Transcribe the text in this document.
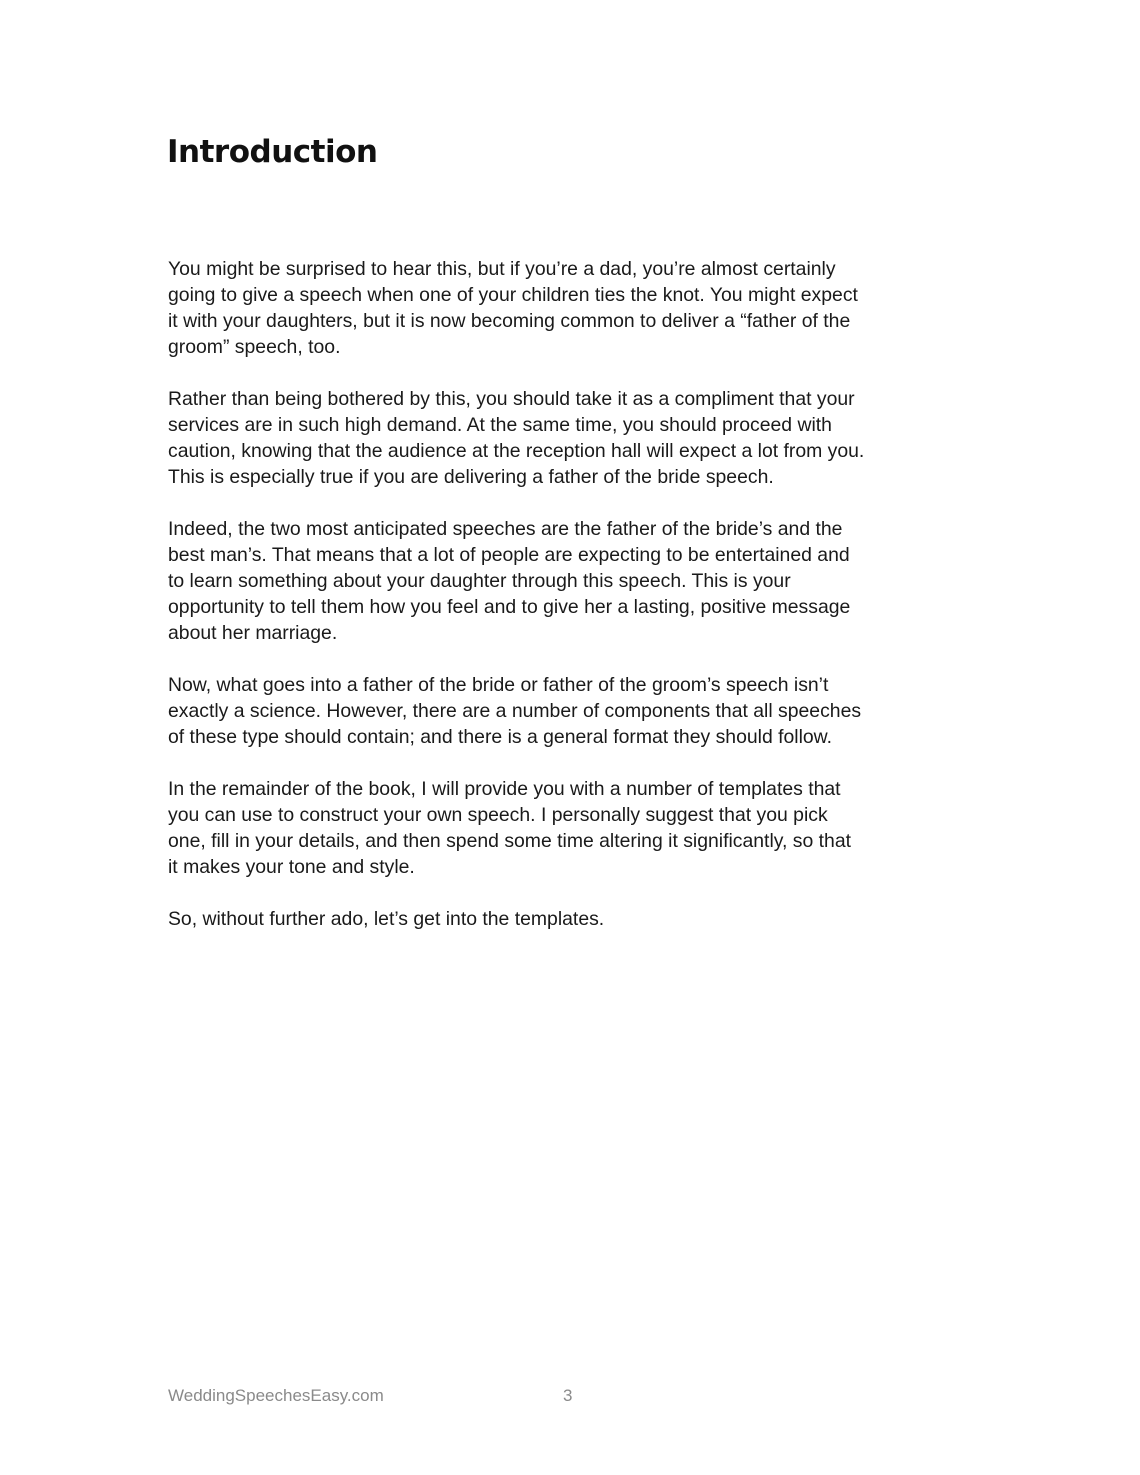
Introduction

You might be surprised to hear this, but if you’re a dad, you’re almost certainly
going to give a speech when one of your children ties the knot. You might expect
it with your daughters, but it is now becoming common to deliver a “father of the
groom” speech, too.

Rather than being bothered by this, you should take it as a compliment that your
services are in such high demand. At the same time, you should proceed with
caution, knowing that the audience at the reception hall will expect a lot from you.
This is especially true if you are delivering a father of the bride speech.

Indeed, the two most anticipated speeches are the father of the bride’s and the
best man’s. That means that a lot of people are expecting to be entertained and
to learn something about your daughter through this speech. This is your
opportunity to tell them how you feel and to give her a lasting, positive message
about her marriage.

Now, what goes into a father of the bride or father of the groom’s speech isn’t
exactly a science. However, there are a number of components that all speeches
of these type should contain; and there is a general format they should follow.

In the remainder of the book, I will provide you with a number of templates that
you can use to construct your own speech. I personally suggest that you pick
one, fill in your details, and then spend some time altering it significantly, so that
it makes your tone and style.

So, without further ado, let’s get into the templates.

WeddingSpeechesEasy.com	3
